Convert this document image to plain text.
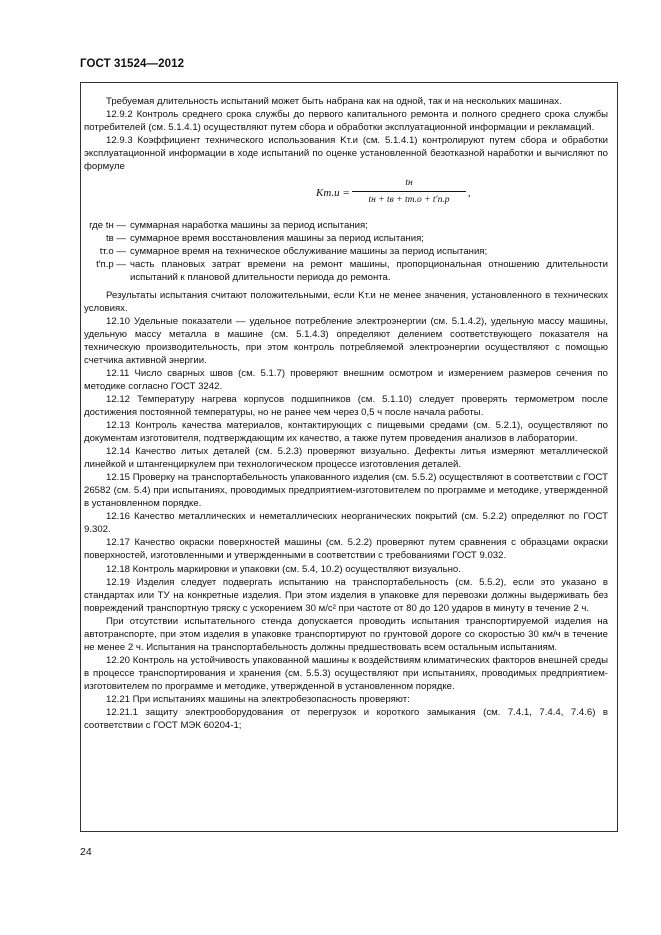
ГОСТ 31524—2012

Требуемая длительность испытаний может быть набрана как на одной, так и на нескольких машинах.

12.9.2 Контроль среднего срока службы до первого капитального ремонта и полного среднего срока службы потребителей (см. 5.1.4.1) осуществляют путем сбора и обработки эксплуатационной информации и рекламаций.

12.9.3 Коэффициент технического использования Kт.и (см. 5.1.4.1) контролируют путем сбора и обработки эксплуатационной информации в ходе испытаний по оценке установленной безотказной наработки и вычисляют по формуле

Kт.и =
tн
tн + tв + tт.о + t′п.р
,
где tн — суммарная наработка машины за период испытания;
tв — суммарное время восстановления машины за период испытания;
tт.о — суммарное время на техническое обслуживание машины за период испытания;
t′п.р — часть плановых затрат времени на ремонт машины, пропорциональная отношению длительности испытаний к плановой длительности периода до ремонта.

Результаты испытания считают положительными, если Kт.и не менее значения, установленного в технических условиях.

12.10 Удельные показатели — удельное потребление электроэнергии (см. 5.1.4.2), удельную массу машины, удельную массу металла в машине (см. 5.1.4.3) определяют делением соответствующего показателя на техническую производительность, при этом контроль потребляемой электроэнергии осуществляют с помощью счетчика активной энергии.

12.11 Число сварных швов (см. 5.1.7) проверяют внешним осмотром и измерением размеров сечения по методике согласно ГОСТ 3242.

12.12 Температуру нагрева корпусов подшипников (см. 5.1.10) следует проверять термометром после достижения постоянной температуры, но не ранее чем через 0,5 ч после начала работы.

12.13 Контроль качества материалов, контактирующих с пищевыми средами (см. 5.2.1), осуществляют по документам изготовителя, подтверждающим их качество, а также путем проведения анализов в лаборатории.

12.14 Качество литых деталей (см. 5.2.3) проверяют визуально. Дефекты литья измеряют металлической линейкой и штангенциркулем при технологическом процессе изготовления деталей.

12.15 Проверку на транспортабельность упакованного изделия (см. 5.5.2) осуществляют в соответствии с ГОСТ 26582 (см. 5.4) при испытаниях, проводимых предприятием-изготовителем по программе и методике, утвержденной в установленном порядке.

12.16 Качество металлических и неметаллических неорганических покрытий (см. 5.2.2) определяют по ГОСТ 9.302.

12.17 Качество окраски поверхностей машины (см. 5.2.2) проверяют путем сравнения с образцами окраски поверхностей, изготовленными и утвержденными в соответствии с требованиями ГОСТ 9.032.

12.18 Контроль маркировки и упаковки (см. 5.4, 10.2) осуществляют визуально.

12.19 Изделия следует подвергать испытанию на транспортабельность (см. 5.5.2), если это указано в стандартах или ТУ на конкретные изделия. При этом изделия в упаковке для перевозки должны выдерживать без повреждений транспортную тряску с ускорением 30 м/с² при частоте от 80 до 120 ударов в минуту в течение 2 ч.

При отсутствии испытательного стенда допускается проводить испытания транспортируемой изделия на автотранспорте, при этом изделия в упаковке транспортируют по грунтовой дороге со скоростью 30 км/ч в течение не менее 2 ч. Испытания на транспортабельность должны предшествовать всем остальным испытаниям.

12.20 Контроль на устойчивость упакованной машины к воздействиям климатических факторов внешней среды в процессе транспортирования и хранения (см. 5.5.3) осуществляют при испытаниях, проводимых предприятием-изготовителем по программе и методике, утвержденной в установленном порядке.

12.21 При испытаниях машины на электробезопасность проверяют:

12.21.1 защиту электрооборудования от перегрузок и короткого замыкания (см. 7.4.1, 7.4.4, 7.4.6) в соответствии с ГОСТ МЭК 60204-1;

24
